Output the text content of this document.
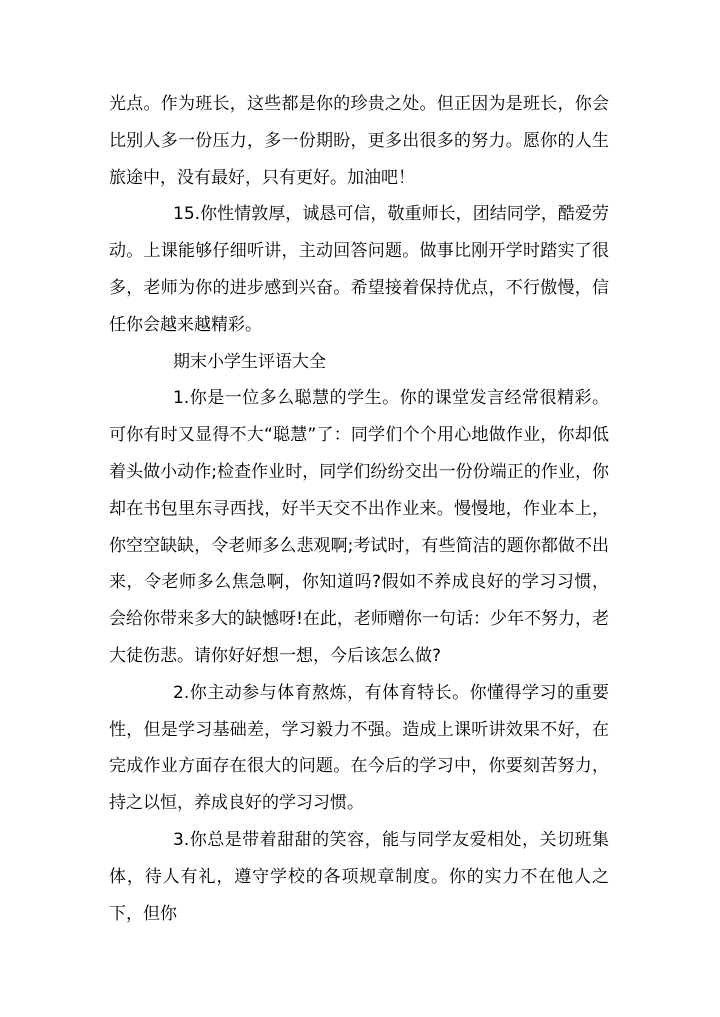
光点。作为班长，这些都是你的珍贵之处。但正因为是班长，你会比别人多一份压力，多一份期盼，更多出很多的努力。愿你的人生旅途中，没有最好，只有更好。加油吧！

15.你性情敦厚，诚恳可信，敬重师长，团结同学，酷爱劳动。上课能够仔细听讲，主动回答问题。做事比刚开学时踏实了很多，老师为你的进步感到兴奋。希望接着保持优点，不行傲慢，信任你会越来越精彩。

期末小学生评语大全

1.你是一位多么聪慧的学生。你的课堂发言经常很精彩。可你有时又显得不大“聪慧”了：同学们个个用心地做作业，你却低着头做小动作;检查作业时，同学们纷纷交出一份份端正的作业，你却在书包里东寻西找，好半天交不出作业来。慢慢地，作业本上，你空空缺缺，令老师多么悲观啊;考试时，有些简洁的题你都做不出来，令老师多么焦急啊，你知道吗?假如不养成良好的学习习惯，会给你带来多大的缺憾呀!在此，老师赠你一句话：少年不努力，老大徒伤悲。请你好好想一想，今后该怎么做?

2.你主动参与体育熬炼，有体育特长。你懂得学习的重要性，但是学习基础差，学习毅力不强。造成上课听讲效果不好，在完成作业方面存在很大的问题。在今后的学习中，你要刻苦努力，持之以恒，养成良好的学习习惯。

3.你总是带着甜甜的笑容，能与同学友爱相处，关切班集体，待人有礼，遵守学校的各项规章制度。你的实力不在他人之下，但你
